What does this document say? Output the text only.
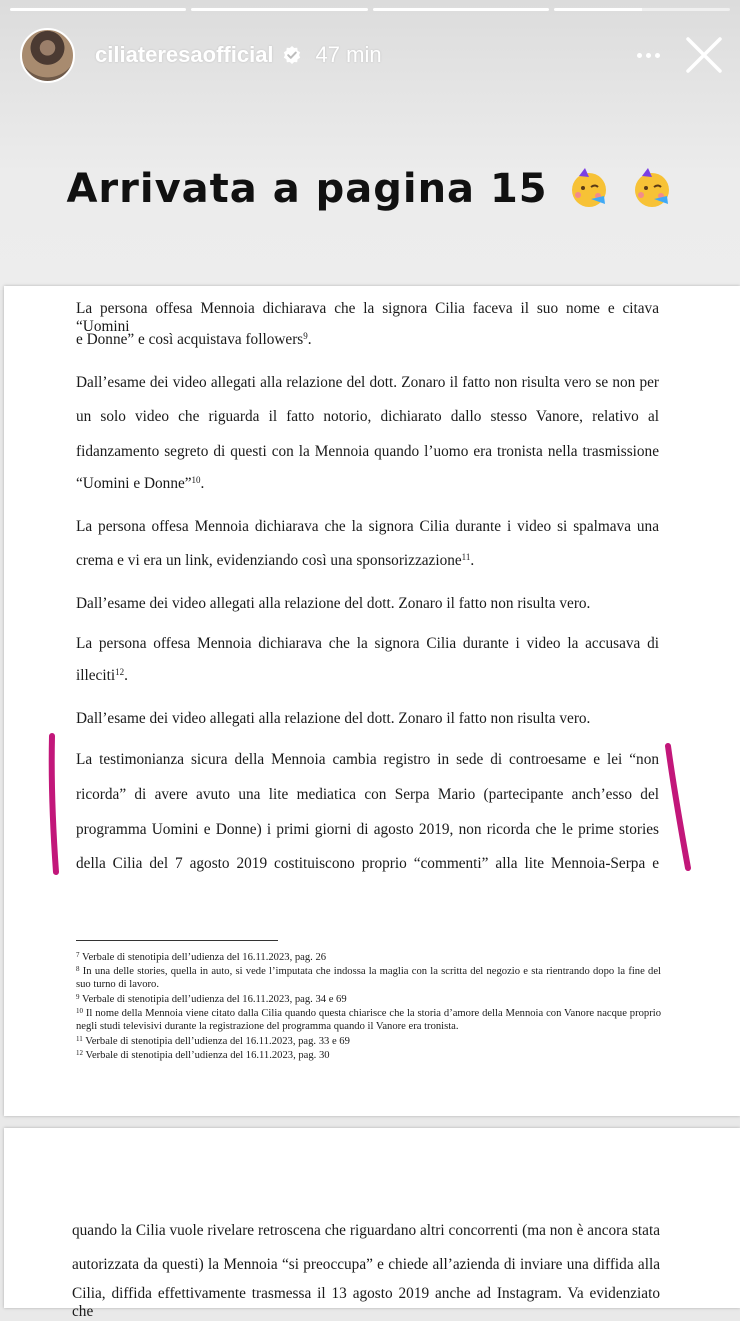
ciliateresaofficial 47 min
Arrivata a pagina 15
La persona offesa Mennoia dichiarava che la signora Cilia faceva il suo nome e citava “Uomini
e Donne” e così acquistava followers$^9$.
Dall’esame dei video allegati alla relazione del dott. Zonaro il fatto non risulta vero se non per
un solo video che riguarda il fatto notorio, dichiarato dallo stesso Vanore, relativo al
fidanzamento segreto di questi con la Mennoia quando l’uomo era tronista nella trasmissione
“Uomini e Donne”$^{10}$.
La persona offesa Mennoia dichiarava che la signora Cilia durante i video si spalmava una
crema e vi era un link, evidenziando così una sponsorizzazione$^{11}$.
Dall’esame dei video allegati alla relazione del dott. Zonaro il fatto non risulta vero.
La persona offesa Mennoia dichiarava che la signora Cilia durante i video la accusava di
illeciti$^{12}$.
Dall’esame dei video allegati alla relazione del dott. Zonaro il fatto non risulta vero.
La testimonianza sicura della Mennoia cambia registro in sede di controesame e lei “non
ricorda” di avere avuto una lite mediatica con Serpa Mario (partecipante anch’esso del
programma Uomini e Donne) i primi giorni di agosto 2019, non ricorda che le prime stories
della Cilia del 7 agosto 2019 costituiscono proprio “commenti” alla lite Mennoia-Serpa e
$^7$ Verbale di stenotipia dell’udienza del 16.11.2023, pag. 26
$^8$ In una delle stories, quella in auto, si vede l’imputata che indossa la maglia con la scritta del negozio e sta rientrando dopo la fine del suo turno di lavoro.
$^9$ Verbale di stenotipia dell’udienza del 16.11.2023, pag. 34 e 69
$^{10}$ Il nome della Mennoia viene citato dalla Cilia quando questa chiarisce che la storia d’amore della Mennoia con Vanore nacque proprio negli studi televisivi durante la registrazione del programma quando il Vanore era tronista.
$^{11}$ Verbale di stenotipia dell’udienza del 16.11.2023, pag. 33 e 69
$^{12}$ Verbale di stenotipia dell’udienza del 16.11.2023, pag. 30
quando la Cilia vuole rivelare retroscena che riguardano altri concorrenti (ma non è ancora stata
autorizzata da questi) la Mennoia “si preoccupa” e chiede all’azienda di inviare una diffida alla
Cilia, diffida effettivamente trasmessa il 13 agosto 2019 anche ad Instagram. Va evidenziato che
